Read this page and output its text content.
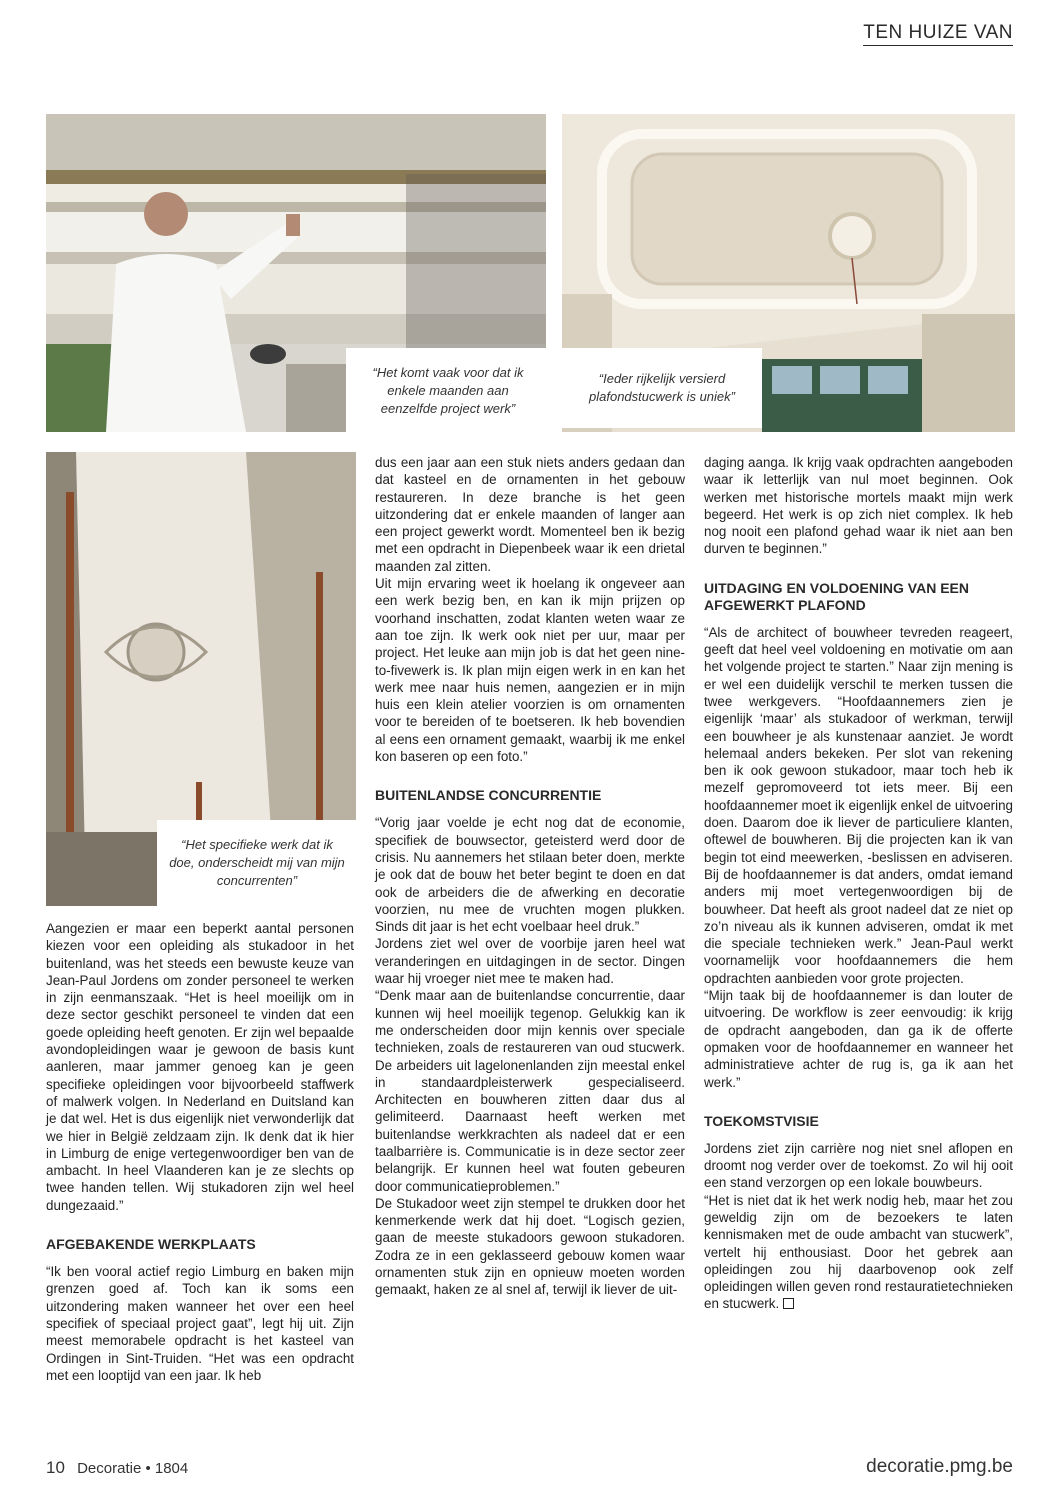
TEN HUIZE VAN
“Het komt vaak voor dat ik enkele maanden aan eenzelfde project werk”
“Ieder rijkelijk versierd plafondstucwerk is uniek”
“Het specifieke werk dat ik doe, onderscheidt mij van mijn concurrenten”

Aangezien er maar een beperkt aantal personen kiezen voor een opleiding als stukadoor in het buitenland, was het steeds een bewuste keuze van Jean-Paul Jordens om zonder personeel te werken in zijn eenmanszaak. “Het is heel moeilijk om in deze sector geschikt personeel te vinden dat een goede opleiding heeft genoten. Er zijn wel bepaalde avondopleidingen waar je gewoon de basis kunt aanleren, maar jammer genoeg kan je geen specifieke opleidingen voor bijvoorbeeld staffwerk of malwerk volgen. In Nederland en Duitsland kan je dat wel. Het is dus eigenlijk niet verwonderlijk dat we hier in België zeldzaam zijn. Ik denk dat ik hier in Limburg de enige vertegenwoordiger ben van de ambacht. In heel Vlaanderen kan je ze slechts op twee handen tellen. Wij stukadoren zijn wel heel dungezaaid.”

AFGEBAKENDE WERKPLAATS

“Ik ben vooral actief regio Limburg en baken mijn grenzen goed af. Toch kan ik soms een uitzondering maken wanneer het over een heel specifiek of speciaal project gaat”, legt hij uit. Zijn meest memorabele opdracht is het kasteel van Ordingen in Sint-Truiden. “Het was een opdracht met een looptijd van een jaar. Ik heb

dus een jaar aan een stuk niets anders gedaan dan dat kasteel en de ornamenten in het gebouw restaureren. In deze branche is het geen uitzondering dat er enkele maanden of langer aan een project gewerkt wordt. Momenteel ben ik bezig met een opdracht in Diepenbeek waar ik een drietal maanden zal zitten.

Uit mijn ervaring weet ik hoelang ik ongeveer aan een werk bezig ben, en kan ik mijn prijzen op voorhand inschatten, zodat klanten weten waar ze aan toe zijn. Ik werk ook niet per uur, maar per project. Het leuke aan mijn job is dat het geen nine-to-fivewerk is. Ik plan mijn eigen werk in en kan het werk mee naar huis nemen, aangezien er in mijn huis een klein atelier voorzien is om ornamenten voor te bereiden of te boetseren. Ik heb bovendien al eens een ornament gemaakt, waarbij ik me enkel kon baseren op een foto.”

BUITENLANDSE CONCURRENTIE

“Vorig jaar voelde je echt nog dat de economie, specifiek de bouwsector, geteisterd werd door de crisis. Nu aannemers het stilaan beter doen, merkte je ook dat de bouw het beter begint te doen en dat ook de arbeiders die de afwerking en decoratie voorzien, nu mee de vruchten mogen plukken. Sinds dit jaar is het echt voelbaar heel druk.”

Jordens ziet wel over de voorbije jaren heel wat veranderingen en uitdagingen in de sector. Dingen waar hij vroeger niet mee te maken had.

“Denk maar aan de buitenlandse concurrentie, daar kunnen wij heel moeilijk tegenop. Gelukkig kan ik me onderscheiden door mijn kennis over speciale technieken, zoals de restaureren van oud stucwerk. De arbeiders uit lagelonenlanden zijn meestal enkel in standaardpleisterwerk gespecialiseerd. Architecten en bouwheren zitten daar dus al gelimiteerd. Daarnaast heeft werken met buitenlandse werkkrachten als nadeel dat er een taalbarrière is. Communicatie is in deze sector zeer belangrijk. Er kunnen heel wat fouten gebeuren door communicatieproblemen.”

De Stukadoor weet zijn stempel te drukken door het kenmerkende werk dat hij doet. “Logisch gezien, gaan de meeste stukadoors gewoon stukadoren. Zodra ze in een geklasseerd gebouw komen waar ornamenten stuk zijn en opnieuw moeten worden gemaakt, haken ze al snel af, terwijl ik liever de uit-

daging aanga. Ik krijg vaak opdrachten aangeboden waar ik letterlijk van nul moet beginnen. Ook werken met historische mortels maakt mijn werk begeerd. Het werk is op zich niet complex. Ik heb nog nooit een plafond gehad waar ik niet aan ben durven te beginnen.”

UITDAGING EN VOLDOENING VAN EEN AFGEWERKT PLAFOND

“Als de architect of bouwheer tevreden reageert, geeft dat heel veel voldoening en motivatie om aan het volgende project te starten.” Naar zijn mening is er wel een duidelijk verschil te merken tussen die twee werkgevers. “Hoofdaannemers zien je eigenlijk ‘maar’ als stukadoor of werkman, terwijl een bouwheer je als kunstenaar aanziet. Je wordt helemaal anders bekeken. Per slot van rekening ben ik ook gewoon stukadoor, maar toch heb ik mezelf gepromoveerd tot iets meer. Bij een hoofdaannemer moet ik eigenlijk enkel de uitvoering doen. Daarom doe ik liever de particuliere klanten, oftewel de bouwheren. Bij die projecten kan ik van begin tot eind meewerken, -beslissen en adviseren. Bij de hoofdaannemer is dat anders, omdat iemand anders mij moet vertegenwoordigen bij de bouwheer. Dat heeft als groot nadeel dat ze niet op zo’n niveau als ik kunnen adviseren, omdat ik met die speciale technieken werk.” Jean-Paul werkt voornamelijk voor hoofdaannemers die hem opdrachten aanbieden voor grote projecten.

“Mijn taak bij de hoofdaannemer is dan louter de uitvoering. De workflow is zeer eenvoudig: ik krijg de opdracht aangeboden, dan ga ik de offerte opmaken voor de hoofdaannemer en wanneer het administratieve achter de rug is, ga ik aan het werk.”

TOEKOMSTVISIE

Jordens ziet zijn carrière nog niet snel aflopen en droomt nog verder over de toekomst. Zo wil hij ooit een stand verzorgen op een lokale bouwbeurs.

“Het is niet dat ik het werk nodig heb, maar het zou geweldig zijn om de bezoekers te laten kennismaken met de oude ambacht van stucwerk”, vertelt hij enthousiast. Door het gebrek aan opleidingen zou hij daarbovenop ook zelf opleidingen willen geven rond restauratietechnieken en stucwerk.

10 Decoratie • 1804	decoratie.pmg.be
